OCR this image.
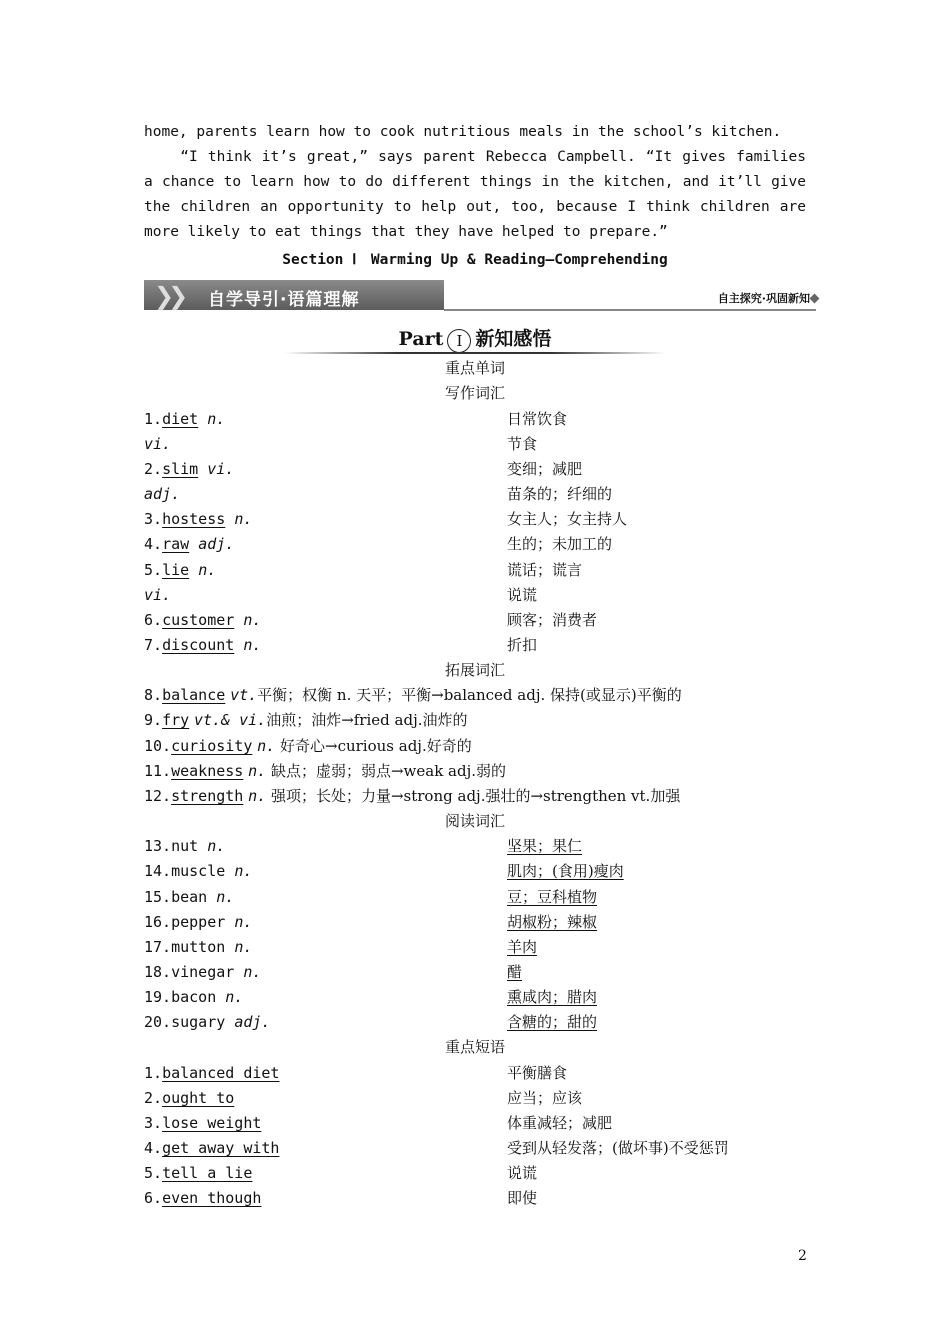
home, parents learn how to cook nutritious meals in the school’s kitchen.

“I think it’s great,” says parent Rebecca Campbell. “It gives families a chance to learn how to do different things in the kitchen, and it’ll give the children an opportunity to help out, too, because I think children are more likely to eat things that they have helped to prepare.”

Section Ⅰ　Warming Up & Reading—Comprehending
❯❯ 自学导引·语篇理解	自主探究·巩固新知
Part Ⅰ 新知感悟
重点单词
写作词汇
1.diet n.	日常饮食
vi.	节食
2.slim vi.	变细；减肥
adj.	苗条的；纤细的
3.hostess n.	女主人；女主持人
4.raw adj.	生的；未加工的
5.lie n.	谎话；谎言
vi.	说谎
6.customer n.	顾客；消费者
7.discount n.	折扣
拓展词汇
8.balance vt.平衡；权衡 n. 天平；平衡→balanced adj. 保持(或显示)平衡的
9.fry vt.& vi.油煎；油炸→fried adj.油炸的
10.curiosity n. 好奇心→curious adj.好奇的
11.weakness n. 缺点；虚弱；弱点→weak adj.弱的
12.strength n. 强项；长处；力量→strong adj.强壮的→strengthen vt.加强
阅读词汇
13.nut n.	坚果；果仁
14.muscle n.	肌肉；(食用)瘦肉
15.bean n.	豆；豆科植物
16.pepper n.	胡椒粉；辣椒
17.mutton n.	羊肉
18.vinegar n.	醋
19.bacon n.	熏咸肉；腊肉
20.sugary adj.	含糖的；甜的
重点短语
1.balanced diet	平衡膳食
2.ought to	应当；应该
3.lose weight	体重减轻；减肥
4.get away with	受到从轻发落；(做坏事)不受惩罚
5.tell a lie	说谎
6.even though	即使
2
